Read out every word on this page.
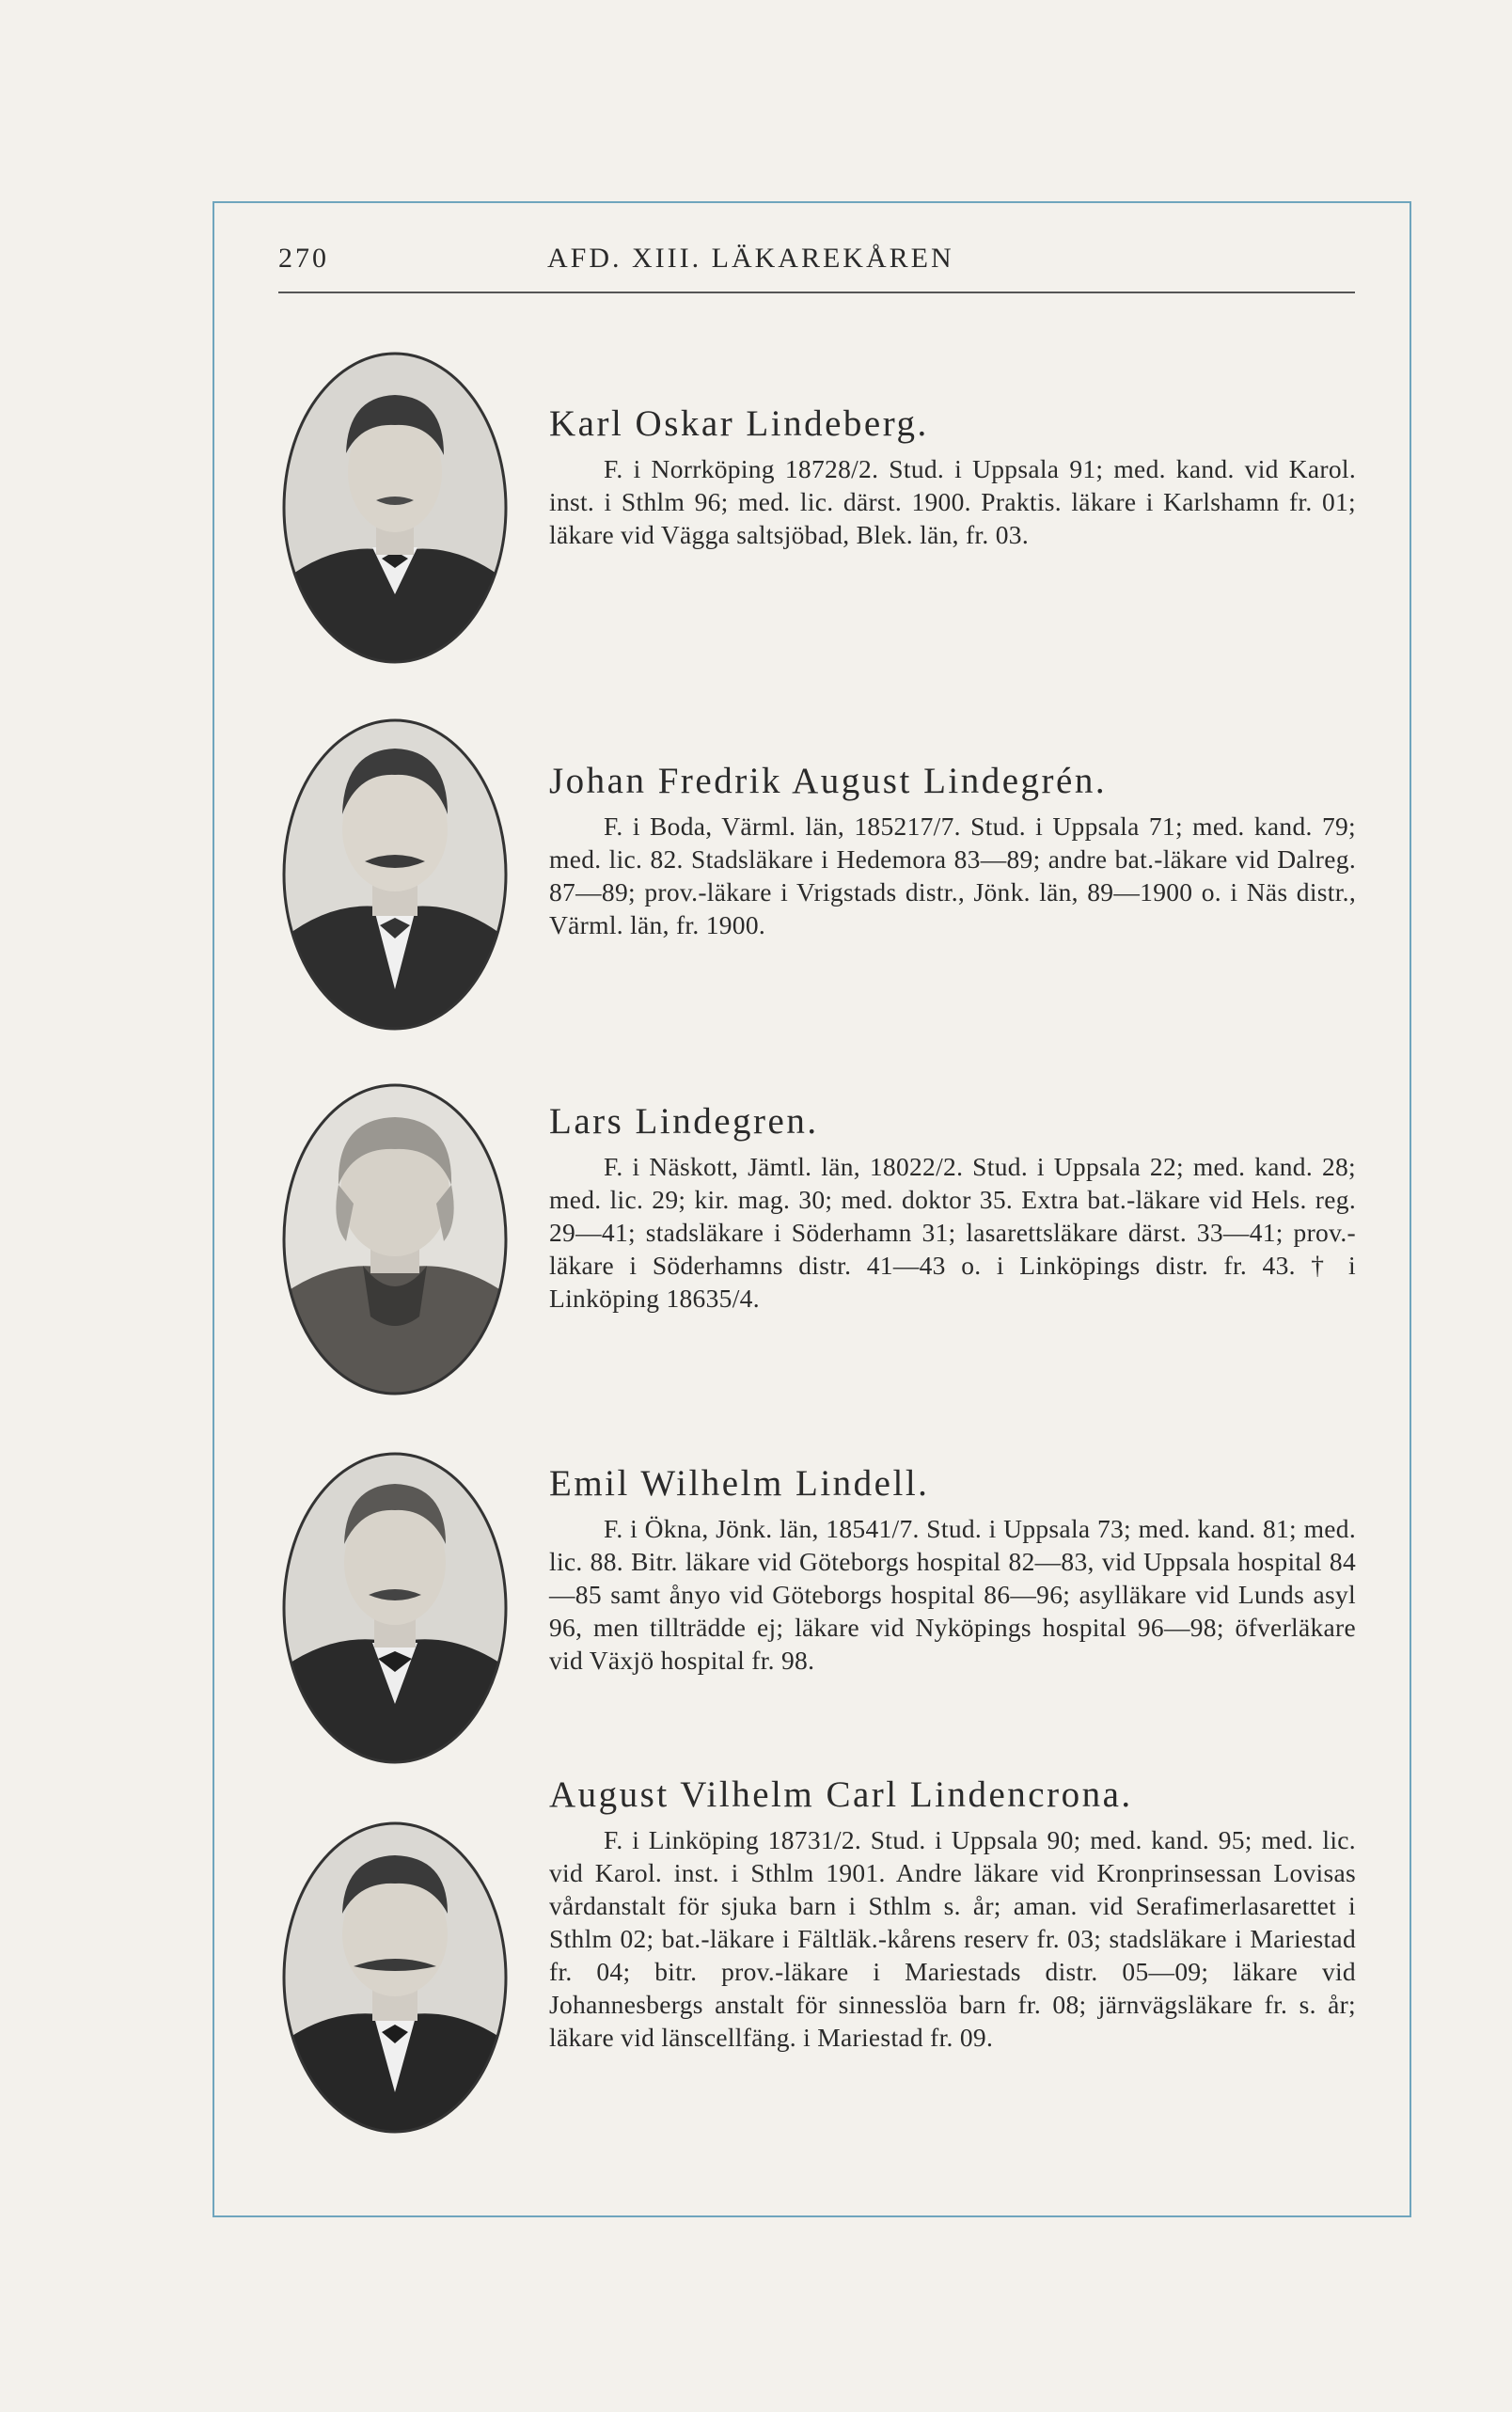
270	AFD. XIII. LÄKAREKÅREN
Karl Oskar Lindeberg.

F. i Norrköping 18728/2. Stud. i Uppsala 91; med. kand. vid Karol. inst. i Sthlm 96; med. lic. därst. 1900. Praktis. läkare i Karlshamn fr. 01; läkare vid Vägga saltsjöbad, Blek. län, fr. 03.

Johan Fredrik August Lindegrén.

F. i Boda, Värml. län, 185217/7. Stud. i Uppsala 71; med. kand. 79; med. lic. 82. Stadsläkare i Hedemora 83—89; andre bat.-läkare vid Dalreg. 87—89; prov.-läkare i Vrigstads distr., Jönk. län, 89—1900 o. i Näs distr., Värml. län, fr. 1900.

Lars Lindegren.

F. i Näskott, Jämtl. län, 18022/2. Stud. i Uppsala 22; med. kand. 28; med. lic. 29; kir. mag. 30; med. doktor 35. Extra bat.-läkare vid Hels. reg. 29—41; stadsläkare i Söderhamn 31; lasarettsläkare därst. 33—41; prov.-läkare i Söderhamns distr. 41—43 o. i Linköpings distr. fr. 43. † i Linköping 18635/4.

Emil Wilhelm Lindell.

F. i Ökna, Jönk. län, 18541/7. Stud. i Uppsala 73; med. kand. 81; med. lic. 88. Bitr. läkare vid Göteborgs hospital 82—83, vid Uppsala hospital 84—85 samt ånyo vid Göteborgs hospital 86—96; asylläkare vid Lunds asyl 96, men tillträdde ej; läkare vid Nyköpings hospital 96—98; öfverläkare vid Växjö hospital fr. 98.

August Vilhelm Carl Lindencrona.

F. i Linköping 18731/2. Stud. i Uppsala 90; med. kand. 95; med. lic. vid Karol. inst. i Sthlm 1901. Andre läkare vid Kronprinsessan Lovisas vårdanstalt för sjuka barn i Sthlm s. år; aman. vid Serafimerlasarettet i Sthlm 02; bat.-läkare i Fältläk.-kårens reserv fr. 03; stadsläkare i Mariestad fr. 04; bitr. prov.-läkare i Mariestads distr. 05—09; läkare vid Johannesbergs anstalt för sinnesslöa barn fr. 08; järnvägsläkare fr. s. år; läkare vid länscellfäng. i Mariestad fr. 09.
